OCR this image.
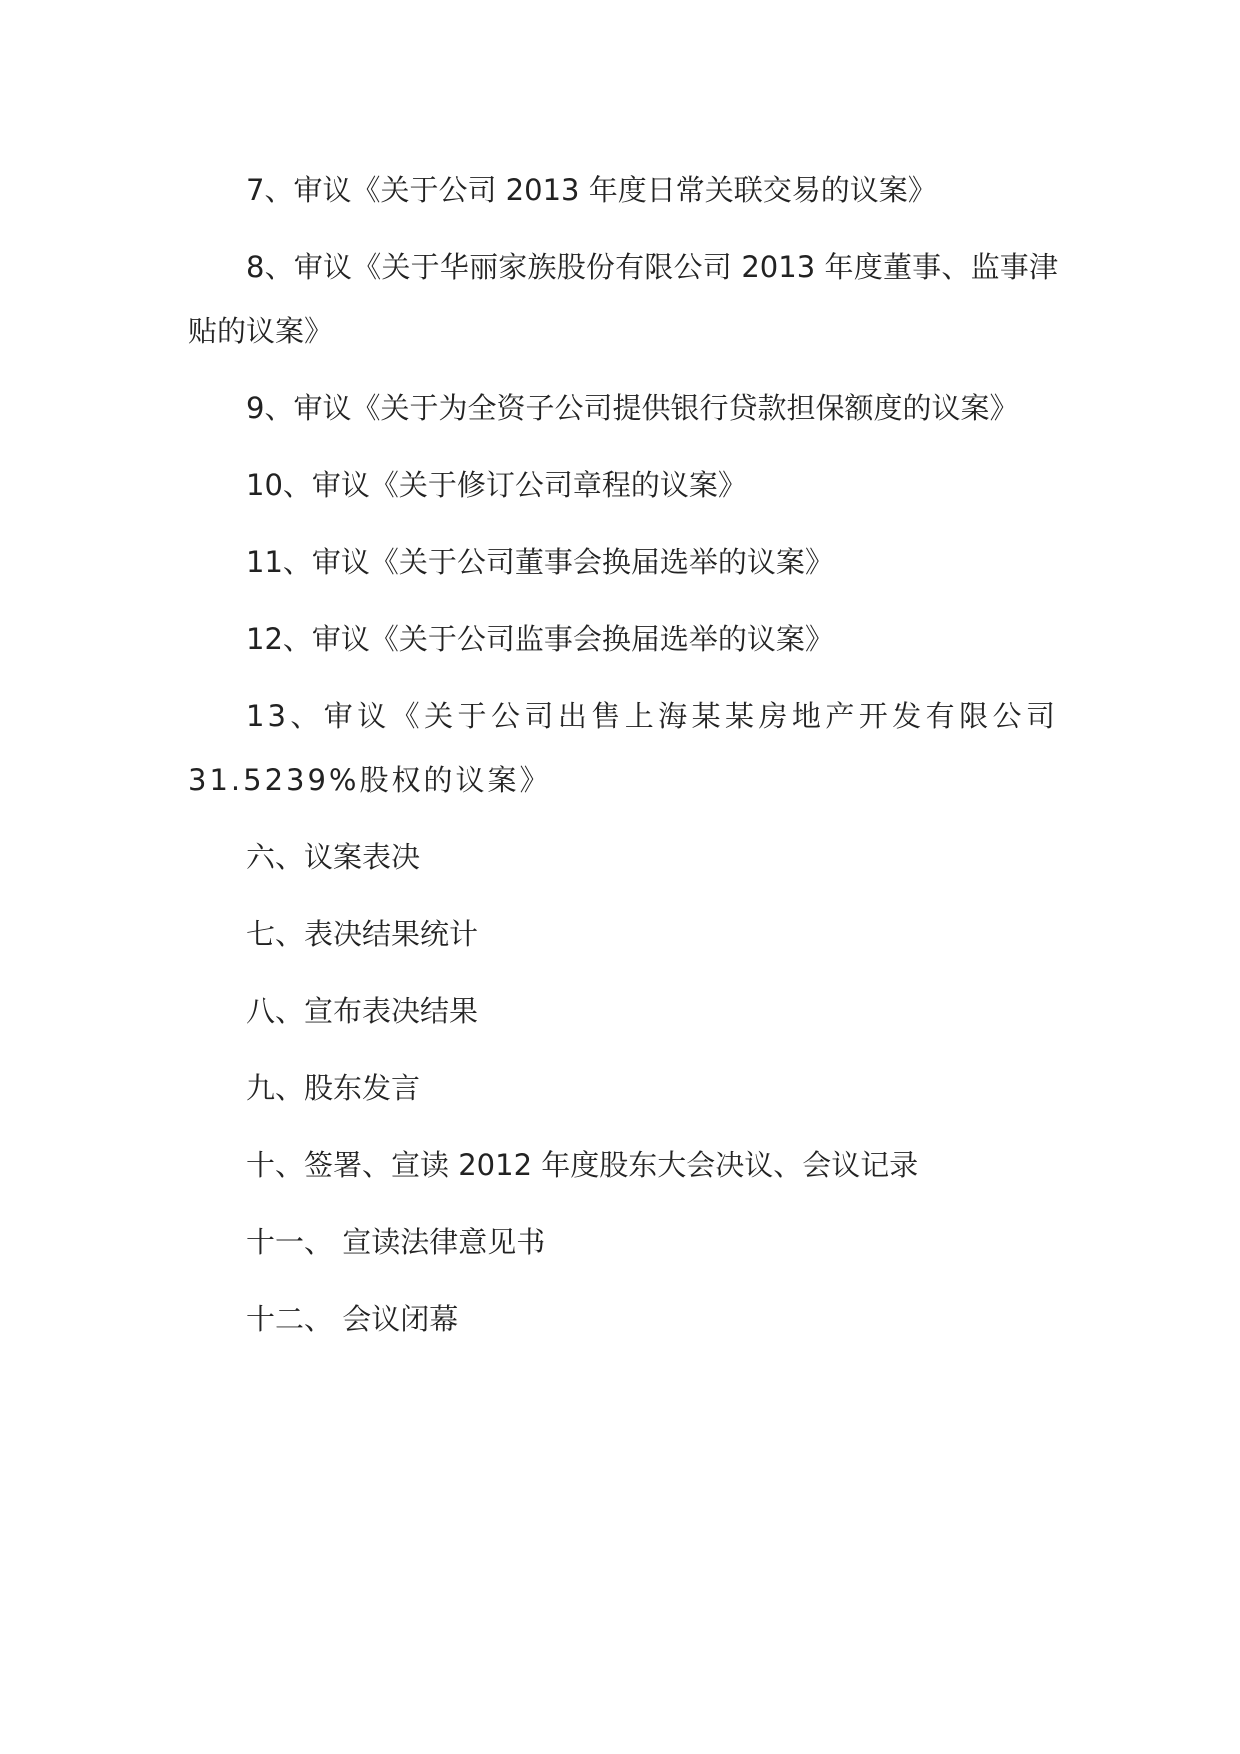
7、审议《关于公司 2013 年度日常关联交易的议案》

8、审议《关于华丽家族股份有限公司 2013 年度董事、监事津贴的议案》

9、审议《关于为全资子公司提供银行贷款担保额度的议案》

10、审议《关于修订公司章程的议案》

11、审议《关于公司董事会换届选举的议案》

12、审议《关于公司监事会换届选举的议案》

13、审议《关于公司出售上海某某房地产开发有限公司 31.5239%股权的议案》

六、议案表决

七、表决结果统计

八、宣布表决结果

九、股东发言

十、签署、宣读 2012 年度股东大会决议、会议记录

十一、 宣读法律意见书

十二、 会议闭幕
